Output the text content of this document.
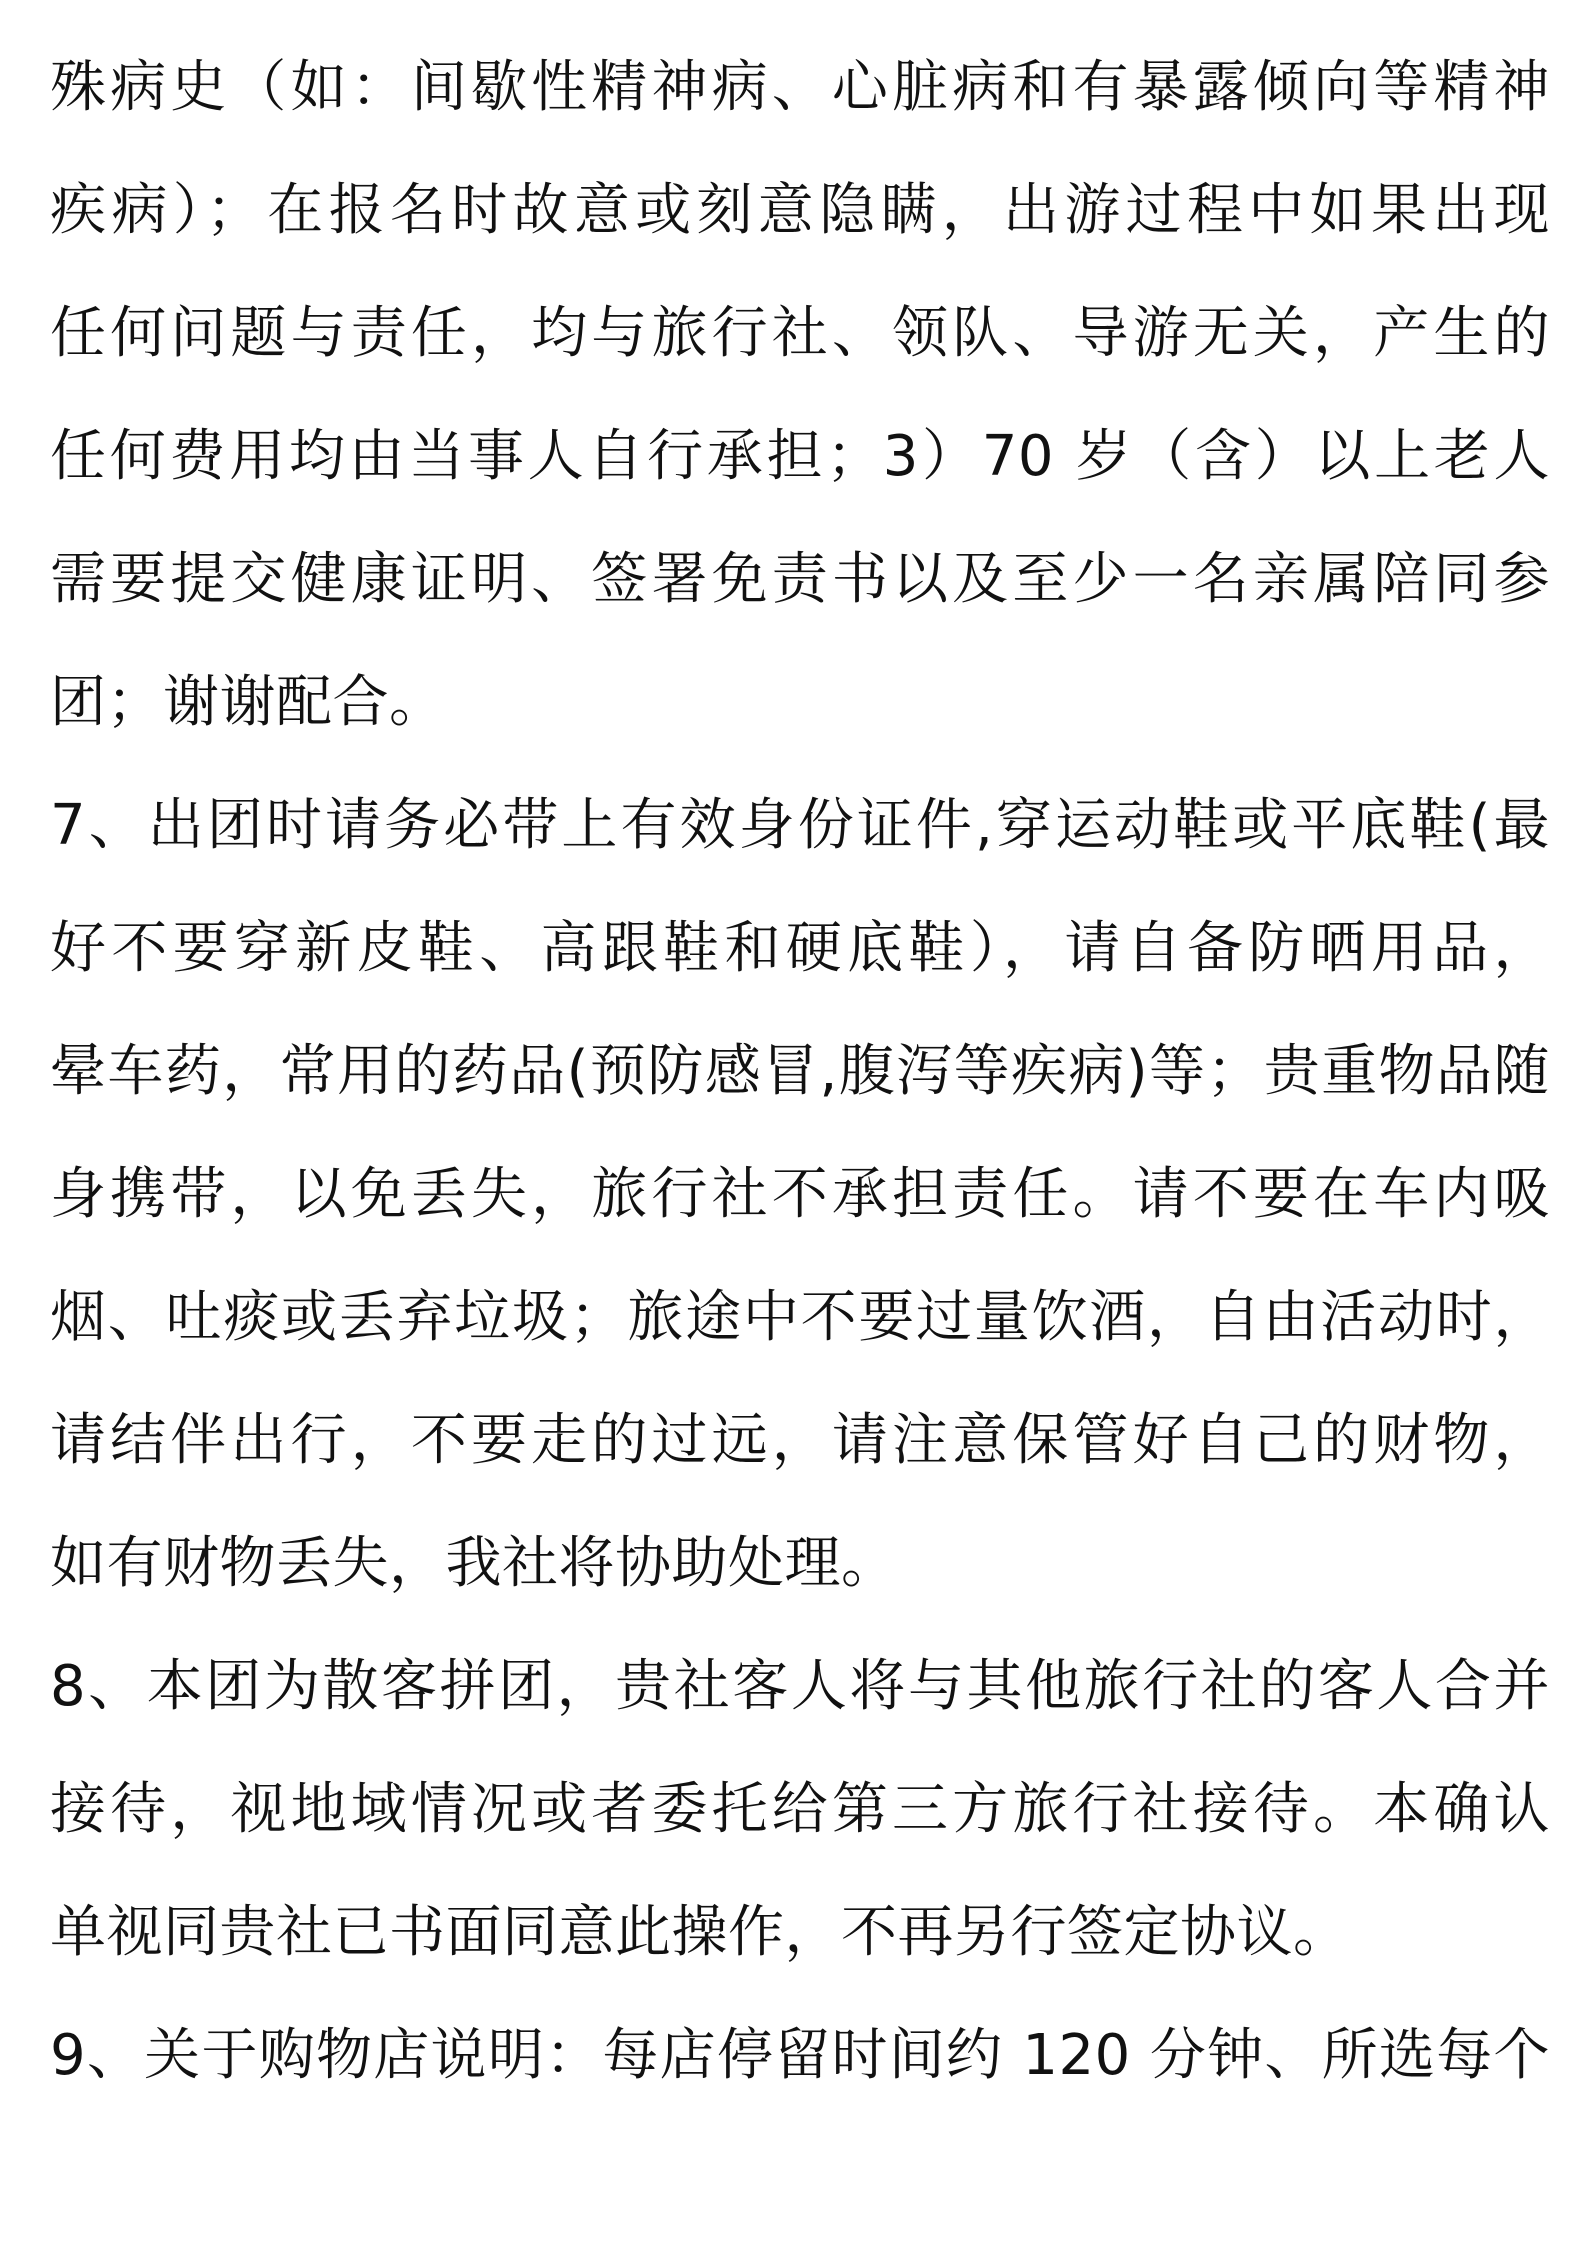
殊病史（如：间歇性精神病、心脏病和有暴露倾向等精神
疾病）；在报名时故意或刻意隐瞒，出游过程中如果出现
任何问题与责任，均与旅行社、领队、导游无关，产生的
任何费用均由当事人自行承担；3）70 岁（含）以上老人
需要提交健康证明、签署免责书以及至少一名亲属陪同参
团；谢谢配合。
7、出团时请务必带上有效身份证件,穿运动鞋或平底鞋(最
好不要穿新皮鞋、高跟鞋和硬底鞋），请自备防晒用品，
晕车药，常用的药品(预防感冒,腹泻等疾病)等；贵重物品随
身携带，以免丢失，旅行社不承担责任。请不要在车内吸
烟、吐痰或丢弃垃圾；旅途中不要过量饮酒，自由活动时，
请结伴出行，不要走的过远，请注意保管好自己的财物，
如有财物丢失，我社将协助处理。
8、本团为散客拼团，贵社客人将与其他旅行社的客人合并
接待，视地域情况或者委托给第三方旅行社接待。本确认
单视同贵社已书面同意此操作，不再另行签定协议。
9、关于购物店说明：每店停留时间约 120 分钟、所选每个
